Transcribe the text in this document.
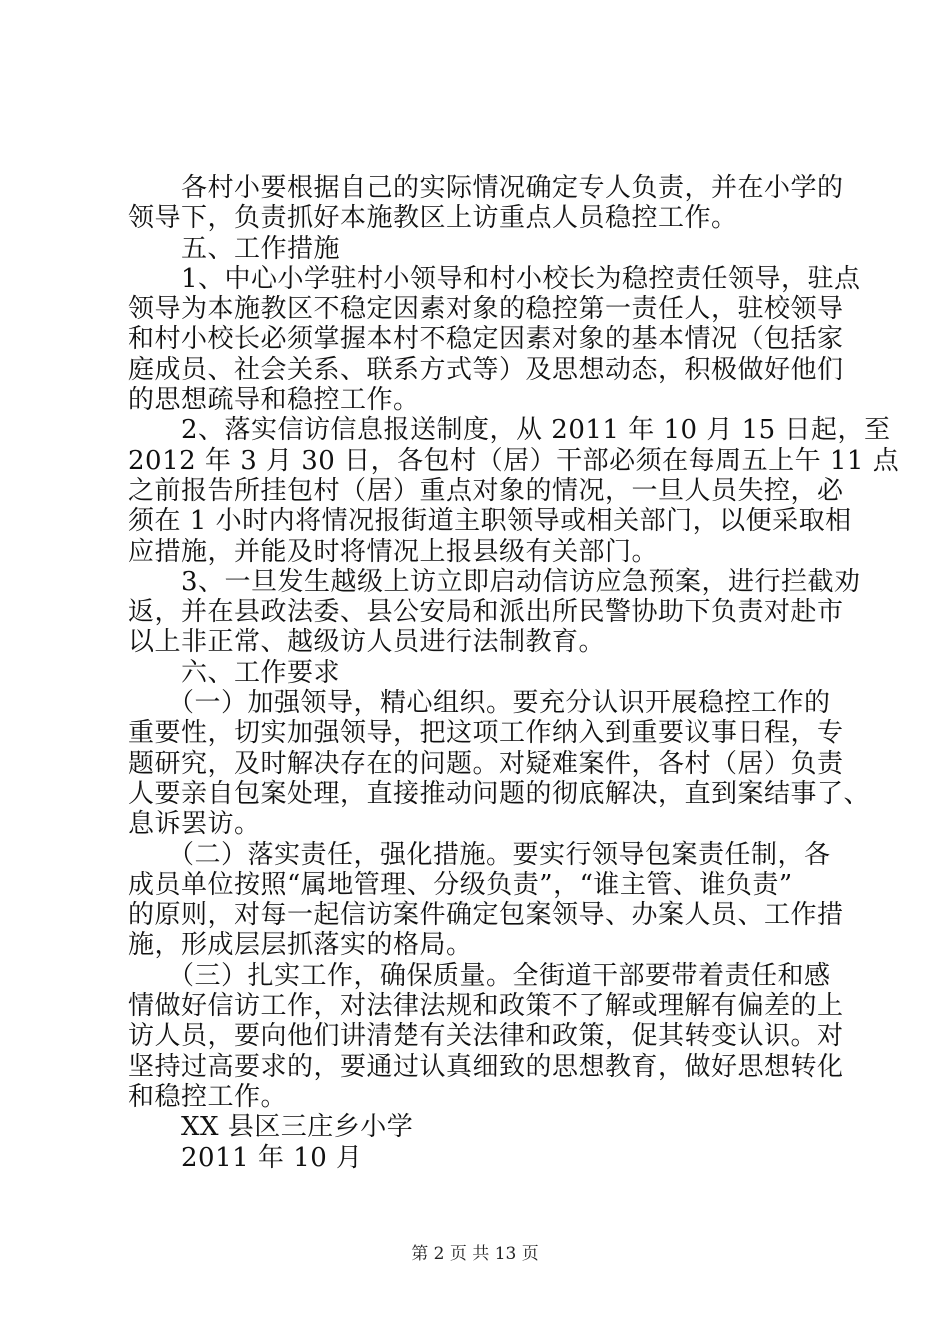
　　各村小要根据自己的实际情况确定专人负责，并在小学的
领导下，负责抓好本施教区上访重点人员稳控工作。
　　五、工作措施
　　1、中心小学驻村小领导和村小校长为稳控责任领导，驻点
领导为本施教区不稳定因素对象的稳控第一责任人，驻校领导
和村小校长必须掌握本村不稳定因素对象的基本情况（包括家
庭成员、社会关系、联系方式等）及思想动态，积极做好他们
的思想疏导和稳控工作。
　　2、落实信访信息报送制度，从 2011 年 10 月 15 日起，至
2012 年 3 月 30 日，各包村（居）干部必须在每周五上午 11 点
之前报告所挂包村（居）重点对象的情况，一旦人员失控，必
须在 1 小时内将情况报街道主职领导或相关部门，以便采取相
应措施，并能及时将情况上报县级有关部门。
　　3、一旦发生越级上访立即启动信访应急预案，进行拦截劝
返，并在县政法委、县公安局和派出所民警协助下负责对赴市
以上非正常、越级访人员进行法制教育。
　　六、工作要求
　　（一）加强领导，精心组织。要充分认识开展稳控工作的
重要性，切实加强领导，把这项工作纳入到重要议事日程，专
题研究，及时解决存在的问题。对疑难案件，各村（居）负责
人要亲自包案处理，直接推动问题的彻底解决，直到案结事了、
息诉罢访。
　　（二）落实责任，强化措施。要实行领导包案责任制，各
成员单位按照“属地管理、分级负责”，“谁主管、谁负责”
的原则，对每一起信访案件确定包案领导、办案人员、工作措
施，形成层层抓落实的格局。
　　（三）扎实工作，确保质量。全街道干部要带着责任和感
情做好信访工作，对法律法规和政策不了解或理解有偏差的上
访人员，要向他们讲清楚有关法律和政策，促其转变认识。对
坚持过高要求的，要通过认真细致的思想教育，做好思想转化
和稳控工作。
　　XX 县区三庄乡小学
　　2011 年 10 月
第 2 页 共 13 页
